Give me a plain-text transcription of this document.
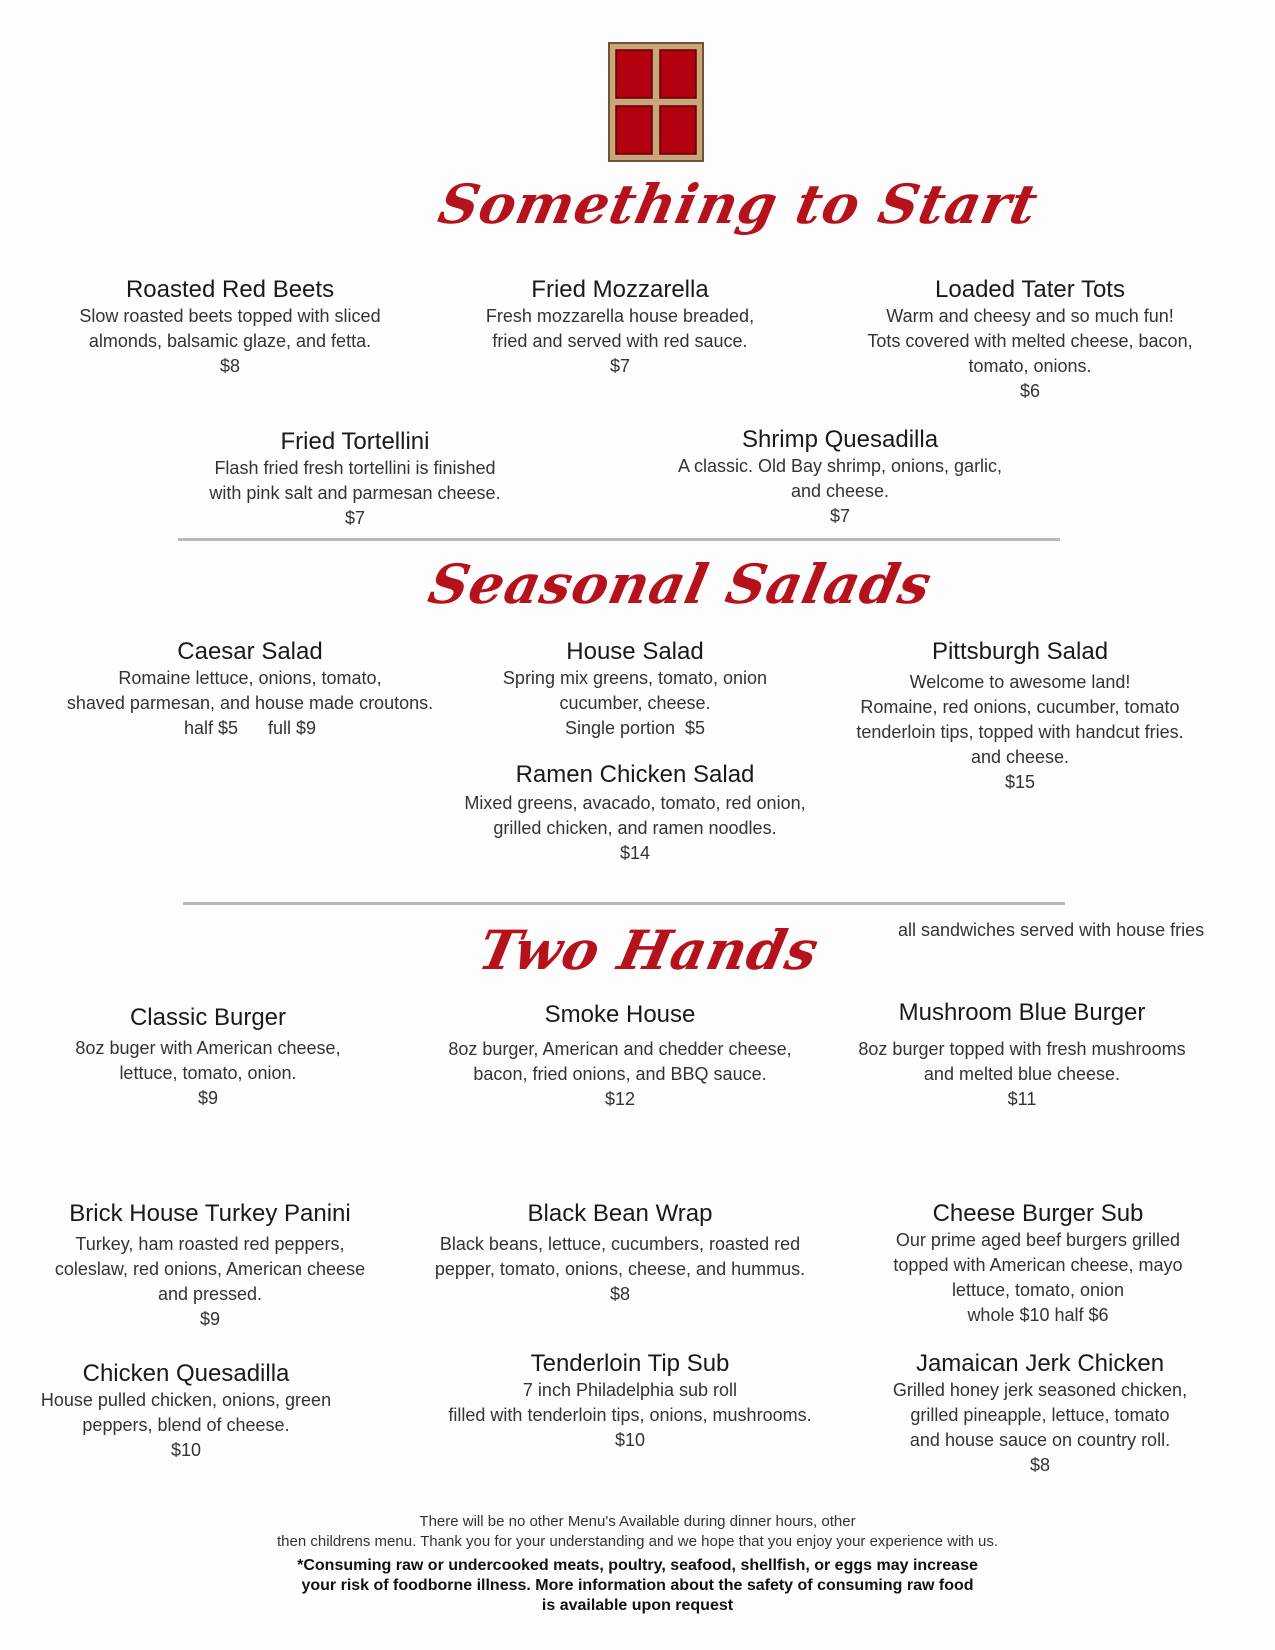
Something to Start
Roasted Red Beets
Slow roasted beets topped with sliced
almonds, balsamic glaze, and fetta.
$8
Fried Mozzarella
Fresh mozzarella house breaded,
fried and served with red sauce.
$7
Loaded Tater Tots
Warm and cheesy and so much fun!
Tots covered with melted cheese, bacon,
tomato, onions.
$6
Fried Tortellini
Flash fried fresh tortellini is finished
with pink salt and parmesan cheese.
$7
Shrimp Quesadilla
A classic. Old Bay shrimp, onions, garlic,
and cheese.
$7
Seasonal Salads
Caesar Salad
Romaine lettuce, onions, tomato,
shaved parmesan, and house made croutons.
half $5      full $9
House Salad
Spring mix greens, tomato, onion
cucumber, cheese.
Single portion  $5
Pittsburgh Salad
Welcome to awesome land!
Romaine, red onions, cucumber, tomato
tenderloin tips, topped with handcut fries.
and cheese.
$15
Ramen Chicken Salad
Mixed greens, avacado, tomato, red onion,
grilled chicken, and ramen noodles.
$14
Two Hands	all sandwiches served with house fries
Classic Burger
8oz buger with American cheese,
lettuce, tomato, onion.
$9
Smoke House
8oz burger, American and chedder cheese,
bacon, fried onions, and BBQ sauce.
$12
Mushroom Blue Burger
8oz burger topped with fresh mushrooms
and melted blue cheese.
$11
Brick House Turkey Panini
Turkey, ham roasted red peppers,
coleslaw, red onions, American cheese
and pressed.
$9
Black Bean Wrap
Black beans, lettuce, cucumbers, roasted red
pepper, tomato, onions, cheese, and hummus.
$8
Cheese Burger Sub
Our prime aged beef burgers grilled
topped with American cheese, mayo
lettuce, tomato, onion
whole $10 half $6
Chicken Quesadilla
House pulled chicken, onions, green
peppers, blend of cheese.
$10
Tenderloin Tip Sub
7 inch Philadelphia sub roll
filled with tenderloin tips, onions, mushrooms.
$10
Jamaican Jerk Chicken
Grilled honey jerk seasoned chicken,
grilled pineapple, lettuce, tomato
and house sauce on country roll.
$8
There will be no other Menu's Available during dinner hours, other
then childrens menu. Thank you for your understanding and we hope that you enjoy your experience with us.
*Consuming raw or undercooked meats, poultry, seafood, shellfish, or eggs may increase
your risk of foodborne illness. More information about the safety of consuming raw food
is available upon request
